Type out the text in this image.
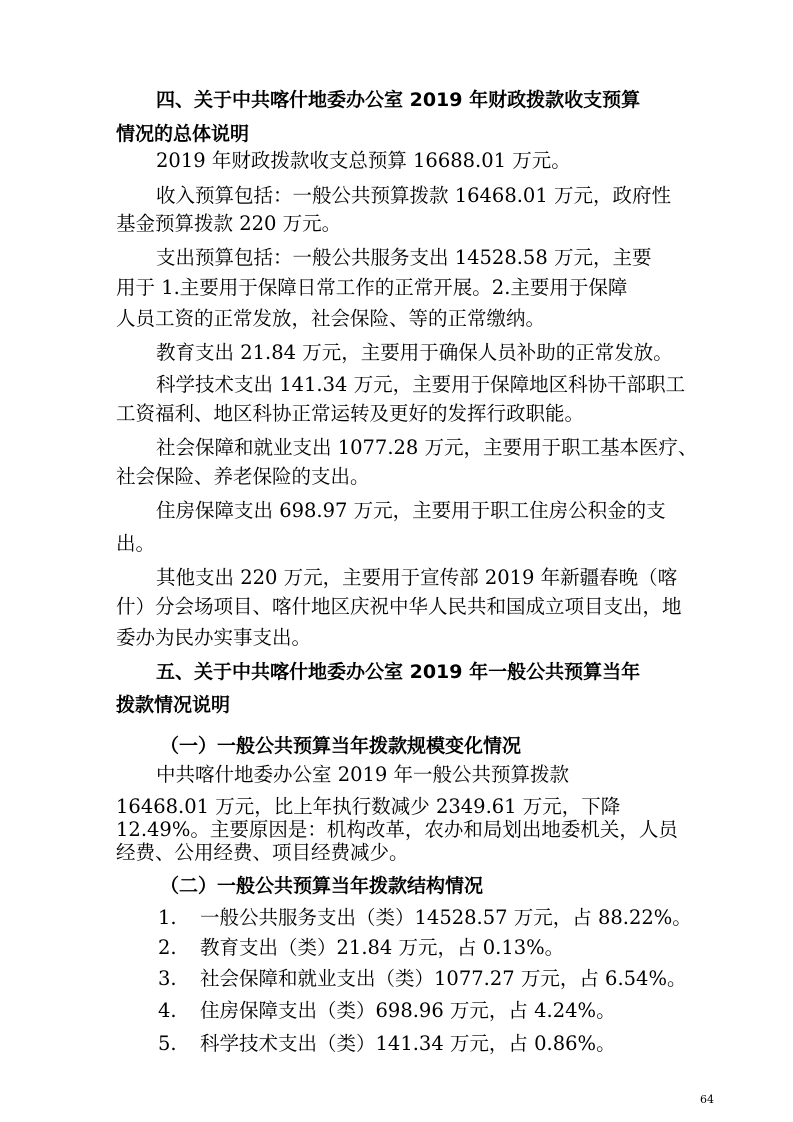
四、关于中共喀什地委办公室 2019 年财政拨款收支预算
情况的总体说明
2019 年财政拨款收支总预算 16688.01 万元。
收入预算包括：一般公共预算拨款 16468.01 万元，政府性
基金预算拨款 220 万元。
支出预算包括：一般公共服务支出 14528.58 万元，主要
用于 1.主要用于保障日常工作的正常开展。2.主要用于保障
人员工资的正常发放，社会保险、等的正常缴纳。
教育支出 21.84 万元，主要用于确保人员补助的正常发放。
科学技术支出 141.34 万元，主要用于保障地区科协干部职工
工资福利、地区科协正常运转及更好的发挥行政职能。
社会保障和就业支出 1077.28 万元，主要用于职工基本医疗、
社会保险、养老保险的支出。
住房保障支出 698.97 万元，主要用于职工住房公积金的支
出。
其他支出 220 万元，主要用于宣传部 2019 年新疆春晚（喀
什）分会场项目、喀什地区庆祝中华人民共和国成立项目支出，地
委办为民办实事支出。
五、关于中共喀什地委办公室 2019 年一般公共预算当年
拨款情况说明
（一）一般公共预算当年拨款规模变化情况
中共喀什地委办公室 2019 年一般公共预算拨款
16468.01 万元，比上年执行数减少 2349.61 万元，下降
12.49%。主要原因是：机构改革，农办和局划出地委机关，人员
经费、公用经费、项目经费减少。
（二）一般公共预算当年拨款结构情况
1. 一般公共服务支出（类）14528.57 万元，占 88.22%。
2. 教育支出（类）21.84 万元，占 0.13%。
3. 社会保障和就业支出（类）1077.27 万元，占 6.54%。
4. 住房保障支出（类）698.96 万元，占 4.24%。
5. 科学技术支出（类）141.34 万元，占 0.86%。
64
